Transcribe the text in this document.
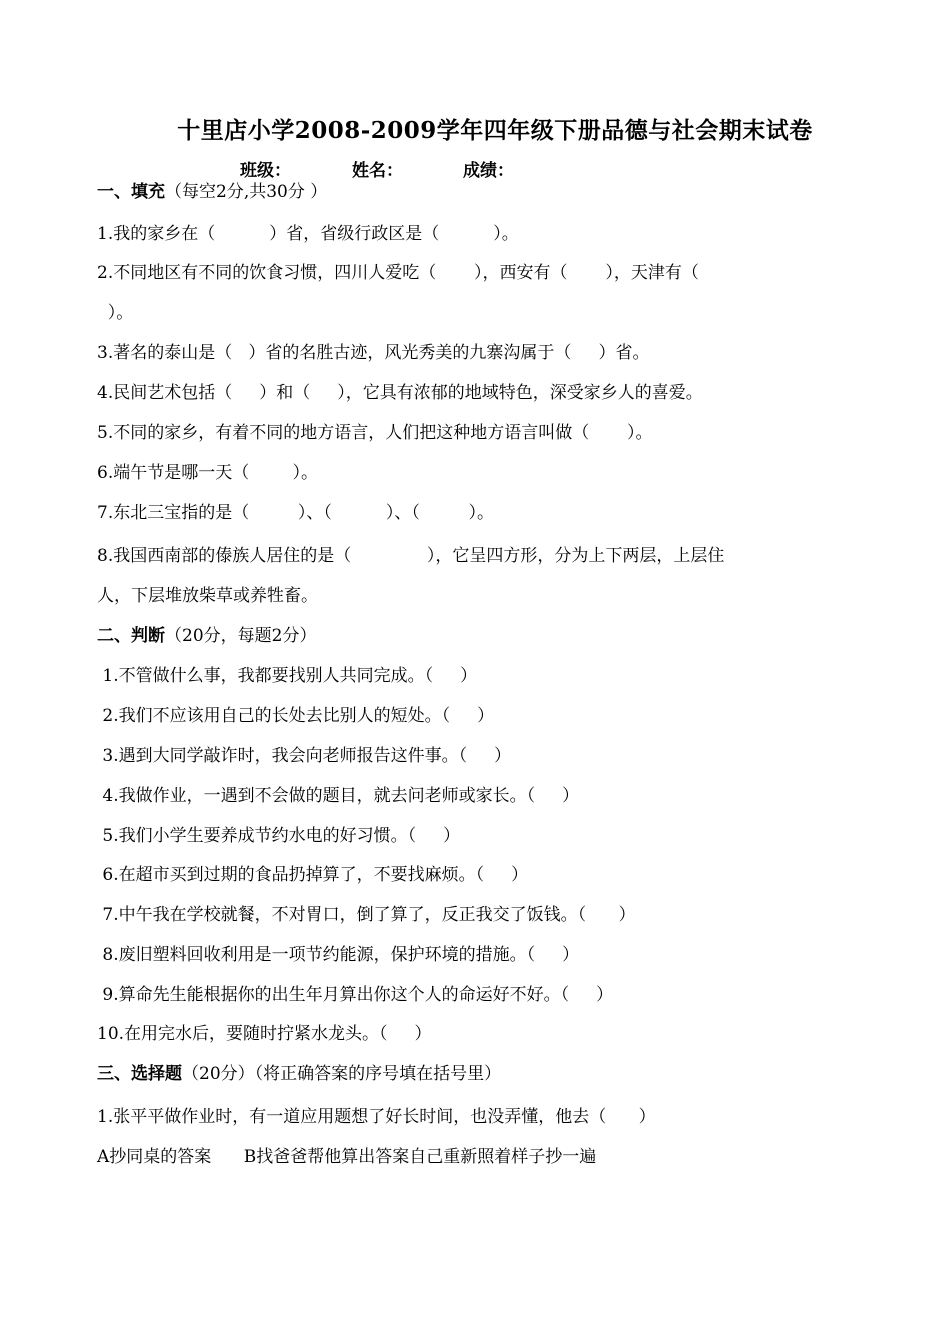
十里店小学2008-2009学年四年级下册品德与社会期末试卷
班级：	姓名：	成绩：
一、填充（每空2分,共30分 ）
1.我的家乡在（          ）省，省级行政区是（          ）。
2.不同地区有不同的饮食习惯，四川人爱吃（       ），西安有（       ），天津有（
）。
3.著名的泰山是（   ）省的名胜古迹，风光秀美的九寨沟属于（     ）省。
4.民间艺术包括（     ）和（     ），它具有浓郁的地域特色，深受家乡人的喜爱。
5.不同的家乡，有着不同的地方语言，人们把这种地方语言叫做（       ）。
6.端午节是哪一天（        ）。
7.东北三宝指的是（         ）、（          ）、（         ）。
8.我国西南部的傣族人居住的是（              ），它呈四方形，分为上下两层，上层住
人，下层堆放柴草或养牲畜。
二、判断（20分，每题2分）
1.不管做什么事，我都要找别人共同完成。（     ）
2.我们不应该用自己的长处去比别人的短处。（     ）
3.遇到大同学敲诈时，我会向老师报告这件事。（     ）
4.我做作业，一遇到不会做的题目，就去问老师或家长。（     ）
5.我们小学生要养成节约水电的好习惯。（     ）
6.在超市买到过期的食品扔掉算了，不要找麻烦。（     ）
7.中午我在学校就餐，不对胃口，倒了算了，反正我交了饭钱。（      ）
8.废旧塑料回收利用是一项节约能源，保护环境的措施。（     ）
9.算命先生能根据你的出生年月算出你这个人的命运好不好。（     ）
10.在用完水后，要随时拧紧水龙头。（     ）
三、选择题（20分）（将正确答案的序号填在括号里）
1.张平平做作业时，有一道应用题想了好长时间，也没弄懂，他去（      ）
A抄同桌的答案      B找爸爸帮他算出答案自己重新照着样子抄一遍
